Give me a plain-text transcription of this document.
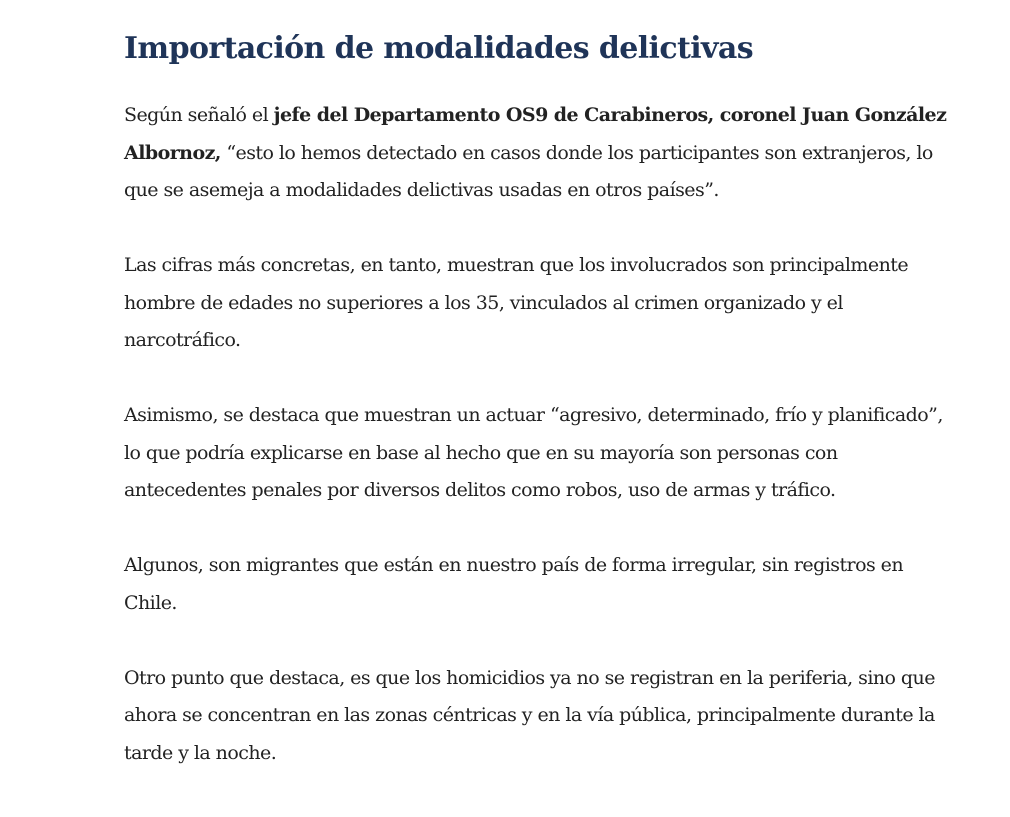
Importación de modalidades delictivas

Según señaló el jefe del Departamento OS9 de Carabineros, coronel Juan González Albornoz, “esto lo hemos detectado en casos donde los participantes son extranjeros, lo que se asemeja a modalidades delictivas usadas en otros países”.

Las cifras más concretas, en tanto, muestran que los involucrados son principalmente hombre de edades no superiores a los 35, vinculados al crimen organizado y el narcotráfico.

Asimismo, se destaca que muestran un actuar “agresivo, determinado, frío y planificado”, lo que podría explicarse en base al hecho que en su mayoría son personas con antecedentes penales por diversos delitos como robos, uso de armas y tráfico.

Algunos, son migrantes que están en nuestro país de forma irregular, sin registros en Chile.

Otro punto que destaca, es que los homicidios ya no se registran en la periferia, sino que ahora se concentran en las zonas céntricas y en la vía pública, principalmente durante la tarde y la noche.
